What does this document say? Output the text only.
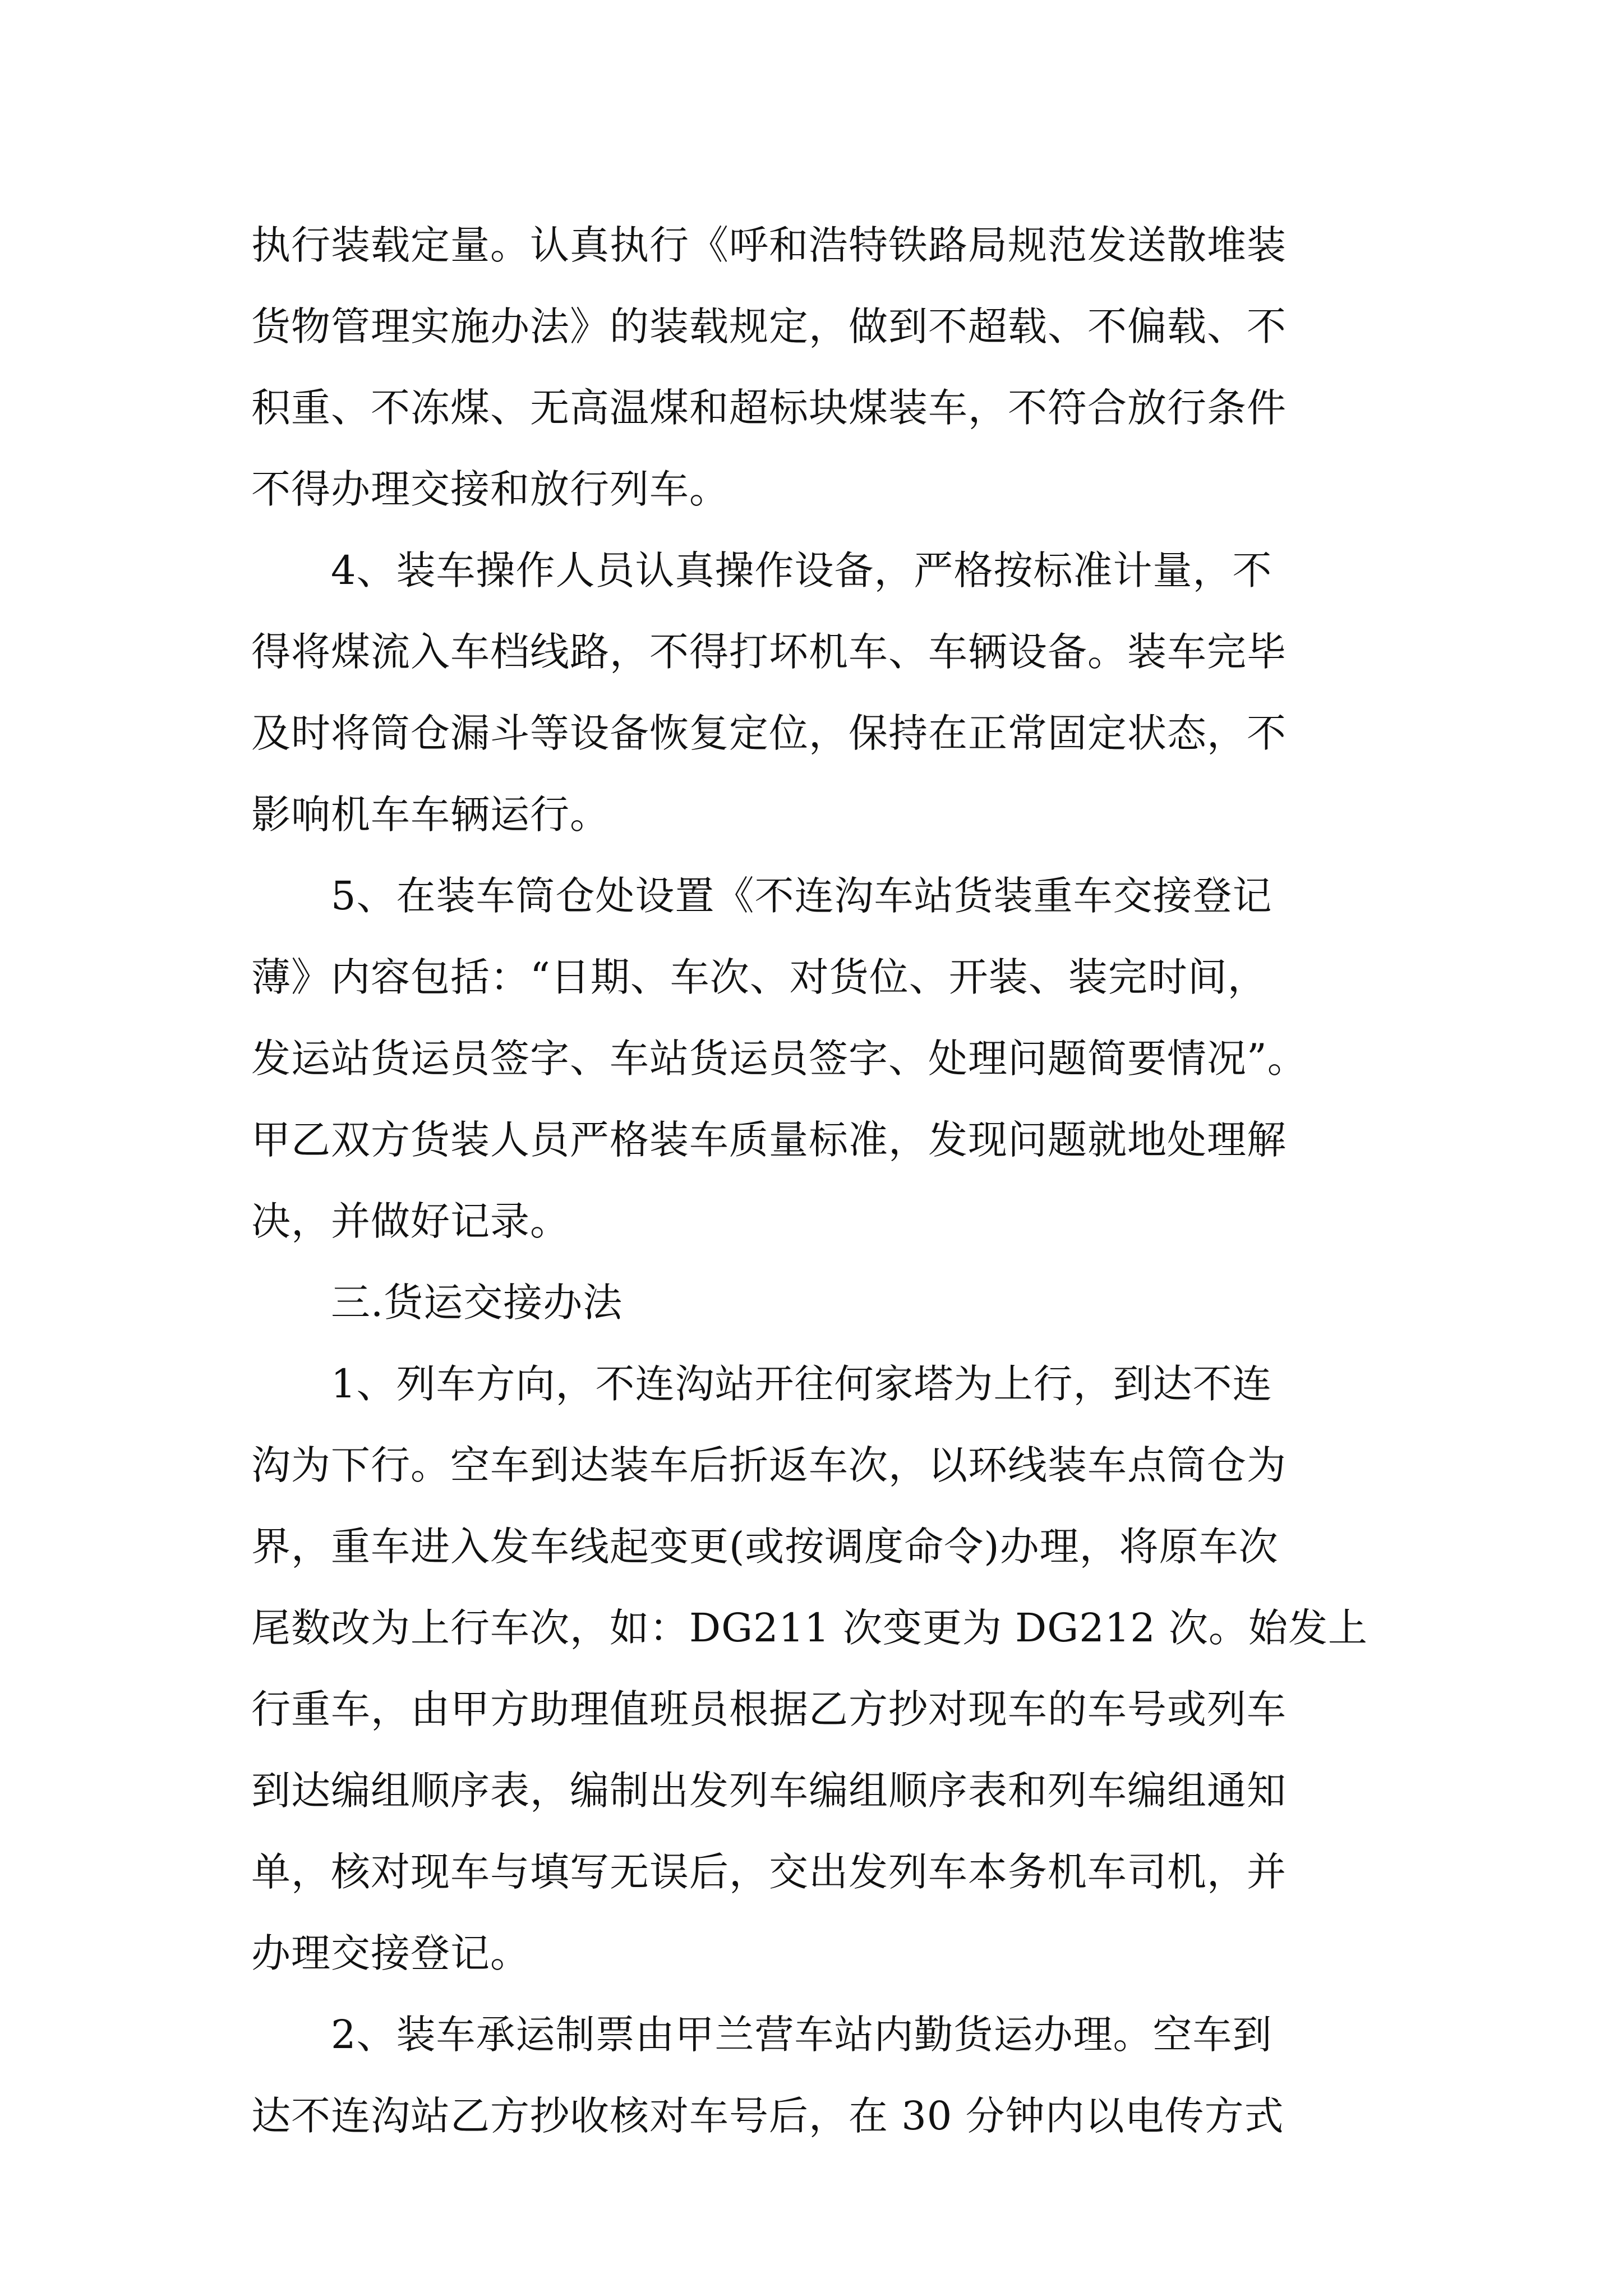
执行装载定量。认真执行《呼和浩特铁路局规范发送散堆装
货物管理实施办法》的装载规定，做到不超载、不偏载、不
积重、不冻煤、无高温煤和超标块煤装车，不符合放行条件
不得办理交接和放行列车。
　　4、装车操作人员认真操作设备，严格按标准计量，不
得将煤流入车档线路，不得打坏机车、车辆设备。装车完毕
及时将筒仓漏斗等设备恢复定位，保持在正常固定状态，不
影响机车车辆运行。
　　5、在装车筒仓处设置《不连沟车站货装重车交接登记
薄》内容包括：“日期、车次、对货位、开装、装完时间，
发运站货运员签字、车站货运员签字、处理问题简要情况”。
甲乙双方货装人员严格装车质量标准，发现问题就地处理解
决，并做好记录。
　　三.货运交接办法
　　1、列车方向，不连沟站开往何家塔为上行，到达不连
沟为下行。空车到达装车后折返车次，以环线装车点筒仓为
界，重车进入发车线起变更(或按调度命令)办理，将原车次
尾数改为上行车次，如：DG211 次变更为 DG212 次。始发上
行重车，由甲方助理值班员根据乙方抄对现车的车号或列车
到达编组顺序表，编制出发列车编组顺序表和列车编组通知
单，核对现车与填写无误后，交出发列车本务机车司机，并
办理交接登记。
　　2、装车承运制票由甲兰营车站内勤货运办理。空车到
达不连沟站乙方抄收核对车号后，在 30 分钟内以电传方式
